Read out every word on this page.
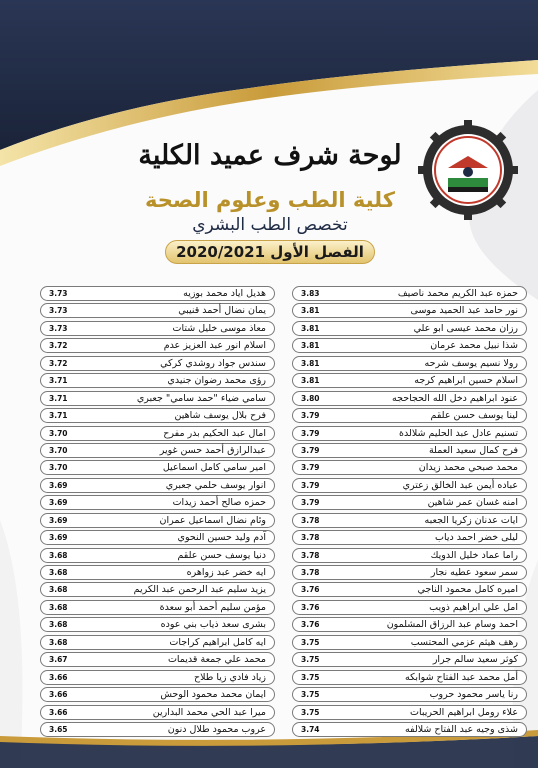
لوحة شرف عميد الكلية
كلية الطب وعلوم الصحة
تخصص الطب البشري
الفصل الأول 2020/2021
حمزه عبد الكريم محمد ناصيف
3.83
نور حامد عبد الحميد موسى
3.81
رزان محمد عيسى ابو علي
3.81
شذا نبيل محمد عرمان
3.81
رولا نسيم يوسف شرحه
3.81
اسلام حسين ابراهيم كرجه
3.81
عنود ابراهيم دخل الله الحجاحجه
3.80
لينا يوسف حسن علقم
3.79
تسنيم عادل عبد الحليم شلالدة
3.79
فرح كمال سعيد العملة
3.79
محمد صبحي محمد زيدان
3.79
عباده أيمن عبد الخالق زعتري
3.79
امنه غسان عمر شاهين
3.79
ايات عدنان زكريا الجعبه
3.78
ليلى خضر احمد دياب
3.78
راما عماد خليل الدويك
3.78
سمر سعود عطيه نجار
3.78
اميره كامل محمود الناجي
3.76
امل علي ابراهيم ذويب
3.76
احمد وسام عبد الرزاق المشلمون
3.76
رهف هيثم عزمي المحتسب
3.75
كوثر سعيد سالم جرار
3.75
أمل محمد عبد الفتاح شوابكه
3.75
رنا ياسر محمود حروب
3.75
علاء رومل ابراهيم الحريبات
3.75
شذى وجيه عبد الفتاح شلالفه
3.74
هديل اياد محمد بوزيه
3.73
يمان نضال أحمد قنيبي
3.73
معاذ موسى خليل شتات
3.73
اسلام انور عبد العزيز عدم
3.72
سندس جواد روشدي كركي
3.72
رؤى محمد رضوان جنيدي
3.71
سامي ضياء "حمد سامي" جعبري
3.71
فرح بلال يوسف شاهين
3.71
امال عبد الحكيم بدر مفرح
3.70
عبدالرازق أحمد حسن غوير
3.70
امير سامي كامل اسماعيل
3.70
انوار يوسف حلمي جعبري
3.69
حمزه صالح أحمد زيدات
3.69
وئام نضال اسماعيل عمران
3.69
آدم وليد حسين النحوي
3.69
دنيا يوسف حسن علقم
3.68
ايه خضر عبد زواهره
3.68
يزيد سليم عبد الرحمن عبد الكريم
3.68
مؤمن سليم أحمد أبو سعدة
3.68
بشرى سعد ذياب بني عوده
3.68
ايه كامل ابراهيم كراجات
3.68
محمد علي جمعة قديمات
3.67
زياد فادي زيا طلاح
3.66
ايمان محمد محمود الوحش
3.66
ميرا عبد الحي محمد البدارين
3.66
عروب محمود طلال دنون
3.65
